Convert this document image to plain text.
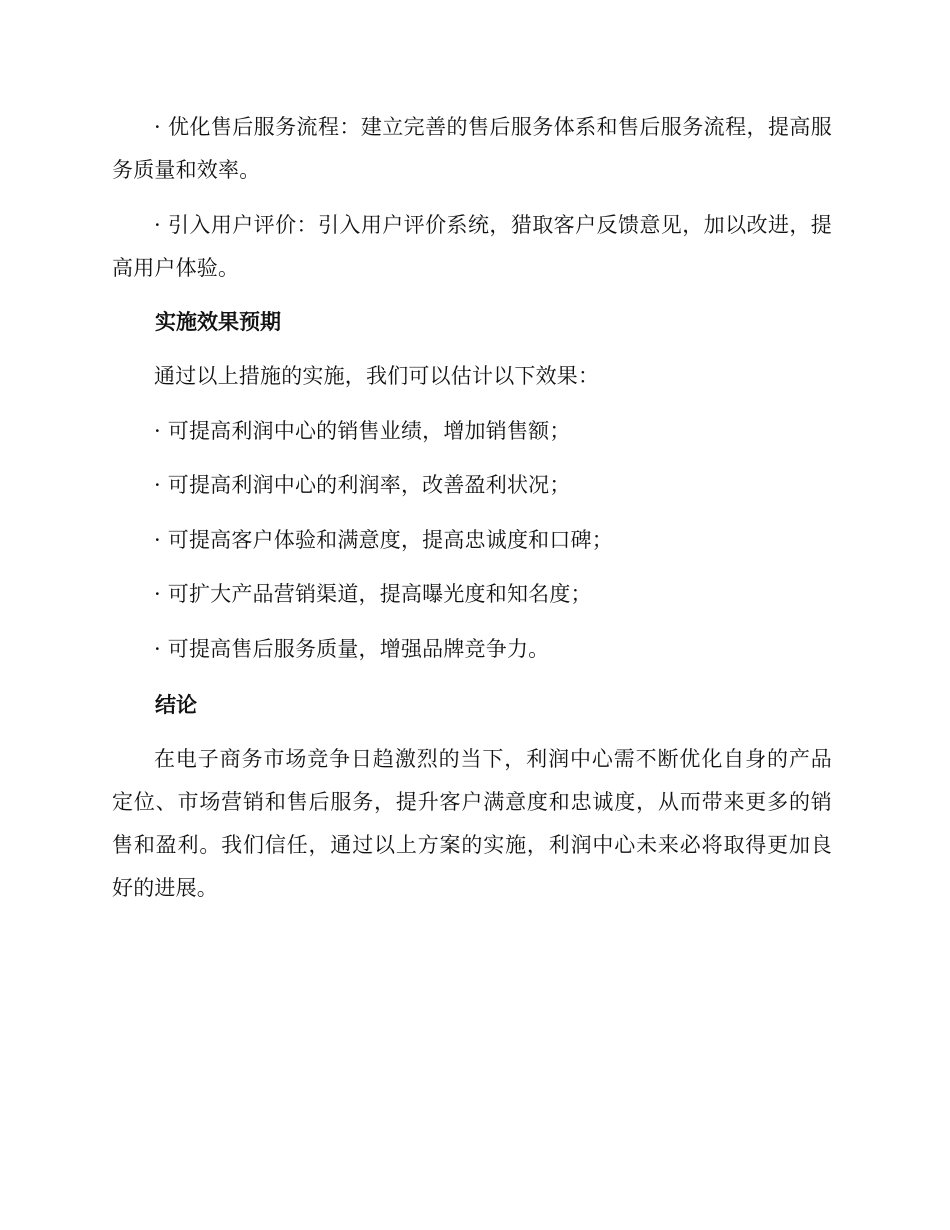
· 优化售后服务流程：建立完善的售后服务体系和售后服务流程，提高服务质量和效率。

· 引入用户评价：引入用户评价系统，猎取客户反馈意见，加以改进，提高用户体验。

实施效果预期

通过以上措施的实施，我们可以估计以下效果：

· 可提高利润中心的销售业绩，增加销售额；

· 可提高利润中心的利润率，改善盈利状况；

· 可提高客户体验和满意度，提高忠诚度和口碑；

· 可扩大产品营销渠道，提高曝光度和知名度；

· 可提高售后服务质量，增强品牌竞争力。

结论

在电子商务市场竞争日趋激烈的当下，利润中心需不断优化自身的产品定位、市场营销和售后服务，提升客户满意度和忠诚度，从而带来更多的销售和盈利。我们信任，通过以上方案的实施，利润中心未来必将取得更加良好的进展。
